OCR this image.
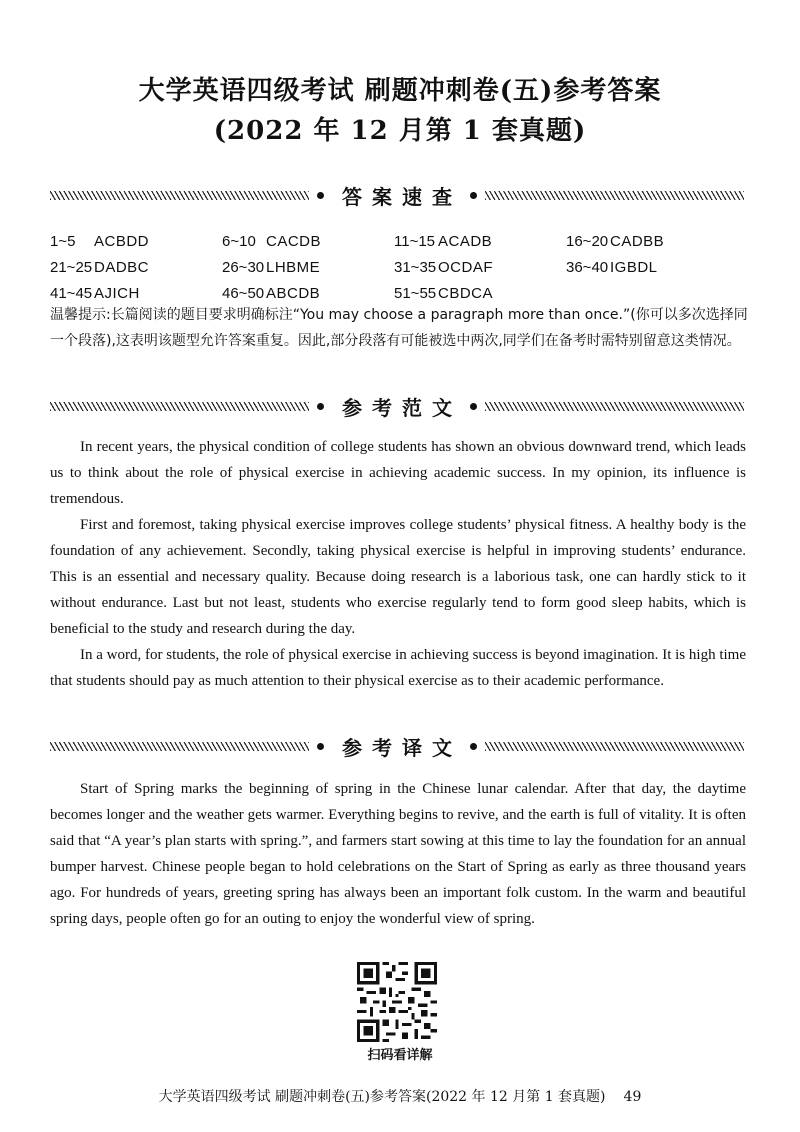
大学英语四级考试 刷题冲刺卷(五)参考答案
(2022 年 12 月第 1 套真题)
答案速查
1~5	ACBDD	6~10 CACDB	11~15 ACADB	16~20 CADBB
21~25 DADBC	26~30 LHBME	31~35 OCDAF	36~40 IGBDL
41~45 AJICH	46~50 ABCDB	51~55 CBDCA
温馨提示:长篇阅读的题目要求明确标注“You may choose a paragraph more than once.”(你可以多次选择同一个段落),这表明该题型允许答案重复。因此,部分段落有可能被选中两次,同学们在备考时需特别留意这类情况。
参考范文

In recent years, the physical condition of college students has shown an obvious downward trend, which leads us to think about the role of physical exercise in achieving academic success. In my opinion, its influence is tremendous.

First and foremost, taking physical exercise improves college students’ physical fitness. A healthy body is the foundation of any achievement. Secondly, taking physical exercise is helpful in improving students’ endurance. This is an essential and necessary quality. Because doing research is a laborious task, one can hardly stick to it without endurance. Last but not least, students who exercise regularly tend to form good sleep habits, which is beneficial to the study and research during the day.

In a word, for students, the role of physical exercise in achieving success is beyond imagination. It is high time that students should pay as much attention to their physical exercise as to their academic performance.

参考译文

Start of Spring marks the beginning of spring in the Chinese lunar calendar. After that day, the daytime becomes longer and the weather gets warmer. Everything begins to revive, and the earth is full of vitality. It is often said that “A year’s plan starts with spring.”, and farmers start sowing at this time to lay the foundation for an annual bumper harvest. Chinese people began to hold celebrations on the Start of Spring as early as three thousand years ago. For hundreds of years, greeting spring has always been an important folk custom. In the warm and beautiful spring days, people often go for an outing to enjoy the wonderful view of spring.

扫码看详解
大学英语四级考试 刷题冲刺卷(五)参考答案(2022 年 12 月第 1 套真题) 49
